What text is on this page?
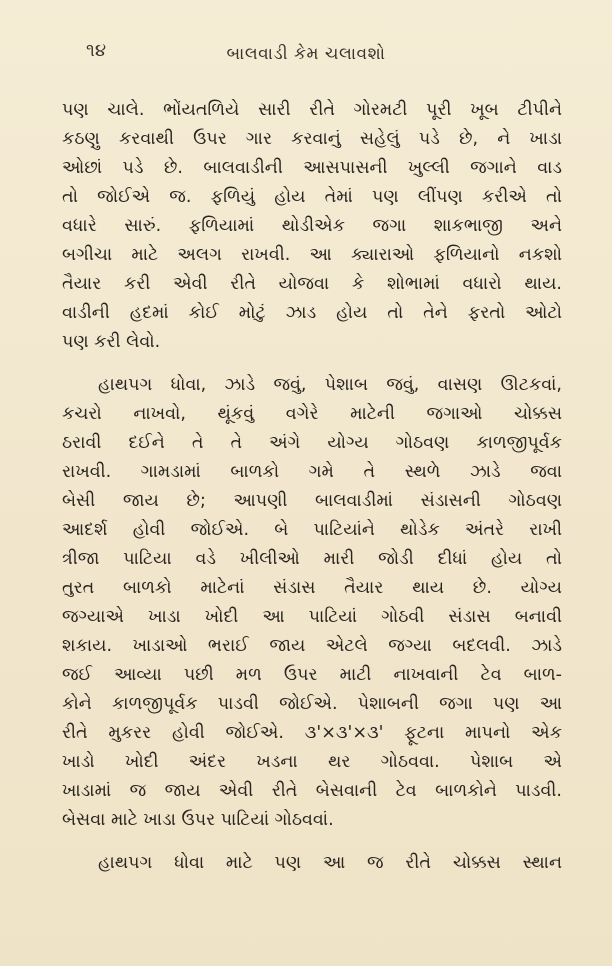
૧૪	બાલવાડી કેમ ચલાવશો
પણ ચાલે. ભોંયતળિયે સારી રીતે ગોરમટી પૂરી ખૂબ ટીપીને
કઠણુ કરવાથી ઉપર ગાર કરવાનું સહેલું પડે છે, ને ખાડા
ઓછાં પડે છે. બાલવાડીની આસપાસની ખુલ્લી જગાને વાડ
તો જોઈએ જ. ફળિયું હોય તેમાં પણ લીંપણ કરીએ તો
વધારે સારું. ફળિયામાં થોડીએક જગા શાકભાજી અને
બગીચા માટે અલગ રાખવી. આ ક્યારાઓ ફળિયાનો નકશો
તૈયાર કરી એવી રીતે યોજવા કે શોભામાં વધારો થાય.
વાડીની હદમાં કોઈ મોટું ઝાડ હોય તો તેને ફરતો ઓટો
પણ કરી લેવો.
હાથપગ ધોવા, ઝાડે જવું, પેશાબ જવું, વાસણ ઊટકવાં,
કચરો નાખવો, થૂંકવું વગેરે માટેની જગાઓ ચોક્કસ
ઠરાવી દઈને તે તે અંગે યોગ્ય ગોઠવણ કાળજીપૂર્વક
રાખવી. ગામડામાં બાળકો ગમે તે સ્થળે ઝાડે જવા
બેસી જાય છે; આપણી બાલવાડીમાં સંડાસની ગોઠવણ
આદર્શ હોવી જોઈએ. બે પાટિયાંને થોડેક અંતરે રાખી
ત્રીજા પાટિયા વડે ખીલીઓ મારી જોડી દીધાં હોય તો
તુરત બાળકો માટેનાં સંડાસ તૈયાર થાય છે. યોગ્ય
જગ્યાએ ખાડા ખોદી આ પાટિયાં ગોઠવી સંડાસ બનાવી
શકાય. ખાડાઓ ભરાઈ જાય એટલે જગ્યા બદલવી. ઝાડે
જઈ આવ્યા પછી મળ ઉપર માટી નાખવાની ટેવ બાળ-
કોને કાળજીપૂર્વક પાડવી જોઈએ. પેશાબની જગા પણ આ
રીતે મુકરર હોવી જોઈએ. ૩'×૩'×૩' ફૂટના માપનો એક
ખાડો ખોદી અંદર ખડના થર ગોઠવવા. પેશાબ એ
ખાડામાં જ જાય એવી રીતે બેસવાની ટેવ બાળકોને પાડવી.
બેસવા માટે ખાડા ઉપર પાટિયાં ગોઠવવાં.
હાથપગ ધોવા માટે પણ આ જ રીતે ચોક્કસ સ્થાન
